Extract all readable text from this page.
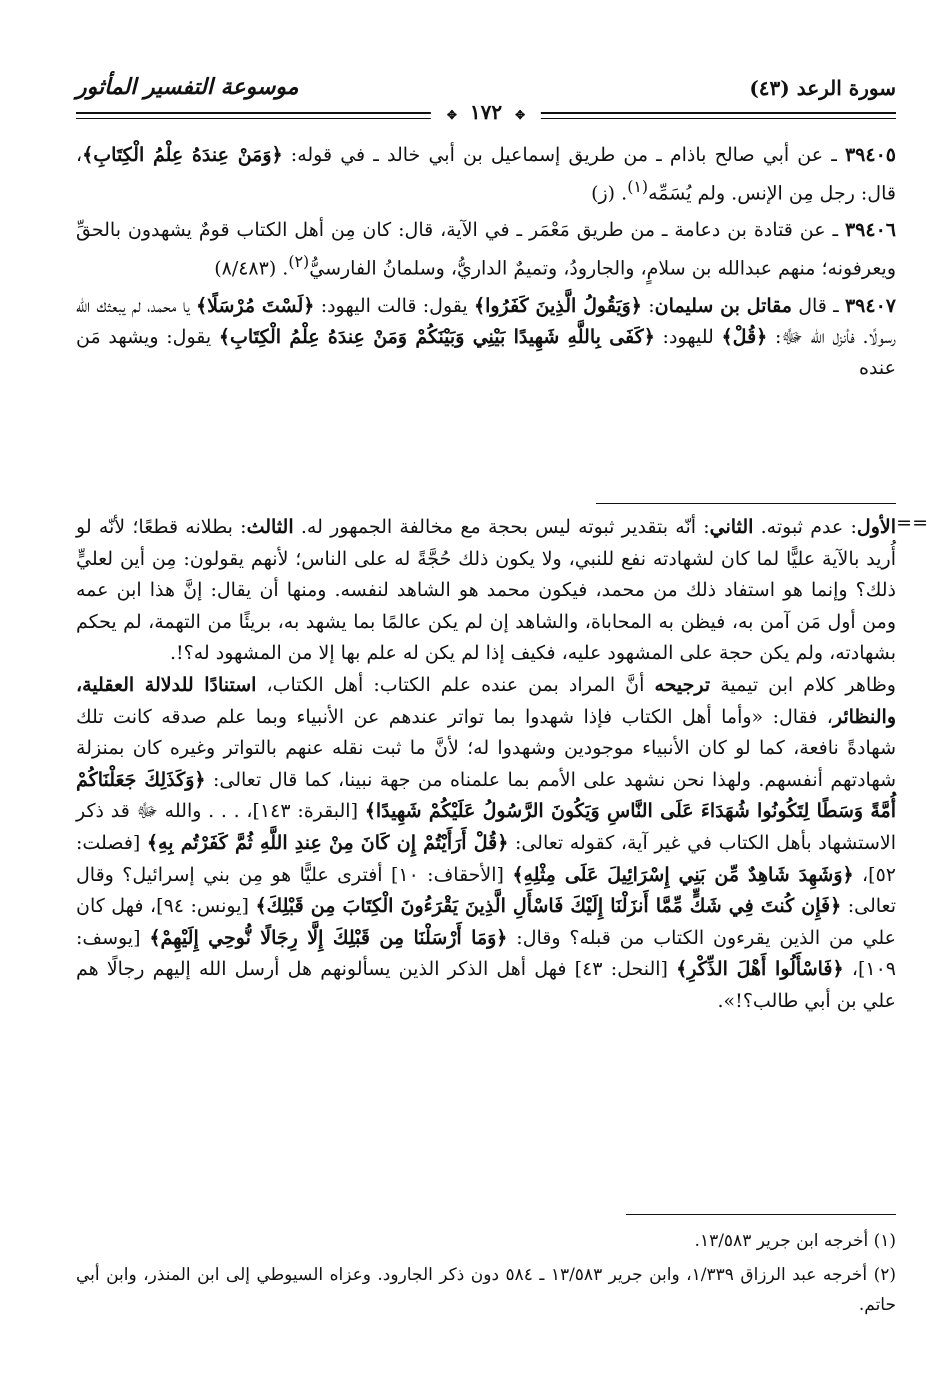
سورة الرعد (٤٣)
موسوعة التفسير المأثور
✥ ١٧٢ ✥

٣٩٤٠٥ ـ عن أبي صالح باذام ـ من طريق إسماعيل بن أبي خالد ـ في قوله: ﴿وَمَنْ عِندَهُ عِلْمُ الْكِتَابِ﴾، قال: رجل مِن الإنس. ولم يُسَمِّه$^{(١)}$. (ز)

٣٩٤٠٦ ـ عن قتادة بن دعامة ـ من طريق مَعْمَر ـ في الآية، قال: كان مِن أهل الكتاب قومٌ يشهدون بالحقِّ ويعرفونه؛ منهم عبدالله بن سلامٍ، والجارودُ، وتميمٌ الداريُّ، وسلمانُ الفارسيُّ$^{(٢)}$. (٨/٤٨٣)

٣٩٤٠٧ ـ قال مقاتل بن سليمان: ﴿وَيَقُولُ الَّذِينَ كَفَرُوا﴾ يقول: قالت اليهود: ﴿لَسْتَ مُرْسَلًا﴾ يا محمد، لم يبعثك الله رسولًا. فأنزل الله ﷻ: ﴿قُلْ﴾ لليهود: ﴿كَفَى بِاللَّهِ شَهِيدًا بَيْنِي وَبَيْنَكُمْ وَمَنْ عِندَهُ عِلْمُ الْكِتَابِ﴾ يقول: ويشهد مَن عنده

==

الأول: عدم ثبوته. الثاني: أنّه بتقدير ثبوته ليس بحجة مع مخالفة الجمهور له. الثالث: بطلانه قطعًا؛ لأنّه لو أُريد بالآية عليًّا لما كان لشهادته نفع للنبي، ولا يكون ذلك حُجَّةً له على الناس؛ لأنهم يقولون: مِن أين لعليٍّ ذلك؟ وإنما هو استفاد ذلك من محمد، فيكون محمد هو الشاهد لنفسه. ومنها أن يقال: إنَّ هذا ابن عمه ومن أول مَن آمن به، فيظن به المحاباة، والشاهد إن لم يكن عالمًا بما يشهد به، بريئًا من التهمة، لم يحكم بشهادته، ولم يكن حجة على المشهود عليه، فكيف إذا لم يكن له علم بها إلا من المشهود له؟!.

وظاهر كلام ابن تيمية ترجيحه أنَّ المراد بمن عنده علم الكتاب: أهل الكتاب، استنادًا للدلالة العقلية، والنظائر، فقال: «وأما أهل الكتاب فإذا شهدوا بما تواتر عندهم عن الأنبياء وبما علم صدقه كانت تلك شهادةً نافعة، كما لو كان الأنبياء موجودين وشهدوا له؛ لأنَّ ما ثبت نقله عنهم بالتواتر وغيره كان بمنزلة شهادتهم أنفسهم. ولهذا نحن نشهد على الأمم بما علمناه من جهة نبينا، كما قال تعالى: ﴿وَكَذَلِكَ جَعَلْنَاكُمْ أُمَّةً وَسَطًا لِتَكُونُوا شُهَدَاءَ عَلَى النَّاسِ وَيَكُونَ الرَّسُولُ عَلَيْكُمْ شَهِيدًا﴾ [البقرة: ١٤٣]، . . . والله ﷻ قد ذكر الاستشهاد بأهل الكتاب في غير آية، كقوله تعالى: ﴿قُلْ أَرَأَيْتُمْ إِن كَانَ مِنْ عِندِ اللَّهِ ثُمَّ كَفَرْتُم بِهِ﴾ [فصلت: ٥٢]، ﴿وَشَهِدَ شَاهِدٌ مِّن بَنِي إِسْرَائِيلَ عَلَى مِثْلِهِ﴾ [الأحقاف: ١٠] أفترى عليًّا هو مِن بني إسرائيل؟ وقال تعالى: ﴿فَإِن كُنتَ فِي شَكٍّ مِّمَّا أَنزَلْنَا إِلَيْكَ فَاسْأَلِ الَّذِينَ يَقْرَءُونَ الْكِتَابَ مِن قَبْلِكَ﴾ [يونس: ٩٤]، فهل كان علي من الذين يقرءون الكتاب من قبله؟ وقال: ﴿وَمَا أَرْسَلْنَا مِن قَبْلِكَ إِلَّا رِجَالًا نُّوحِي إِلَيْهِمْ﴾ [يوسف: ١٠٩]، ﴿فَاسْأَلُوا أَهْلَ الذِّكْرِ﴾ [النحل: ٤٣] فهل أهل الذكر الذين يسألونهم هل أرسل الله إليهم رجالًا هم علي بن أبي طالب؟!».

(١) أخرجه ابن جرير ١٣/٥٨٣.

(٢) أخرجه عبد الرزاق ١/٣٣٩، وابن جرير ١٣/٥٨٣ ـ ٥٨٤ دون ذكر الجارود. وعزاه السيوطي إلى ابن المنذر، وابن أبي حاتم.
